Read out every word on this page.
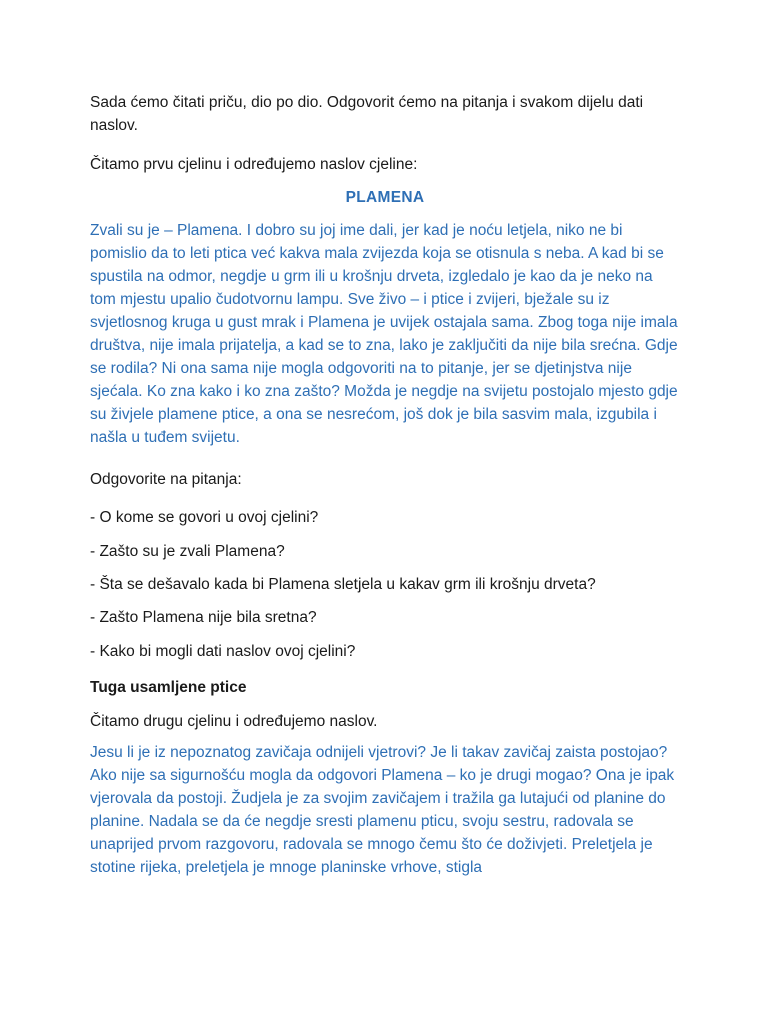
Sada ćemo čitati priču, dio po dio. Odgovorit ćemo na pitanja i svakom dijelu dati naslov.
Čitamo prvu cjelinu i određujemo naslov cjeline:
PLAMENA
Zvali su je – Plamena. I dobro su joj ime dali, jer kad je noću letjela, niko ne bi pomislio da to leti ptica već kakva mala zvijezda koja se otisnula s neba. A kad bi se spustila na odmor, negdje u grm ili u krošnju drveta, izgledalo je kao da je neko na tom mjestu upalio čudotvornu lampu. Sve živo – i ptice i zvijeri, bježale su iz svjetlosnog kruga u gust mrak i Plamena je uvijek ostajala sama. Zbog toga nije imala društva, nije imala prijatelja, a kad se to zna, lako je zaključiti da nije bila srećna. Gdje se rodila? Ni ona sama nije mogla odgovoriti na to pitanje, jer se djetinjstva nije sjećala. Ko zna kako i ko zna zašto? Možda je negdje na svijetu postojalo mjesto gdje su živjele plamene ptice, a ona se nesrećom, još dok je bila sasvim mala, izgubila i našla u tuđem svijetu.
Odgovorite na pitanja:
- O kome se govori u ovoj cjelini?
- Zašto su je zvali Plamena?
- Šta se dešavalo kada bi Plamena sletjela u kakav grm ili krošnju drveta?
- Zašto Plamena nije bila sretna?
- Kako bi mogli dati naslov ovoj cjelini?
Tuga usamljene ptice
Čitamo drugu cjelinu i određujemo naslov.
Jesu li je iz nepoznatog zavičaja odnijeli vjetrovi? Je li takav zavičaj zaista postojao? Ako nije sa sigurnošću mogla da odgovori Plamena – ko je drugi mogao? Ona je ipak vjerovala da postoji. Žudjela je za svojim zavičajem i tražila ga lutajući od planine do planine. Nadala se da će negdje sresti plamenu pticu, svoju sestru, radovala se unaprijed prvom razgovoru, radovala se mnogo čemu što će doživjeti. Preletjela je stotine rijeka, preletjela je mnoge planinske vrhove, stigla
